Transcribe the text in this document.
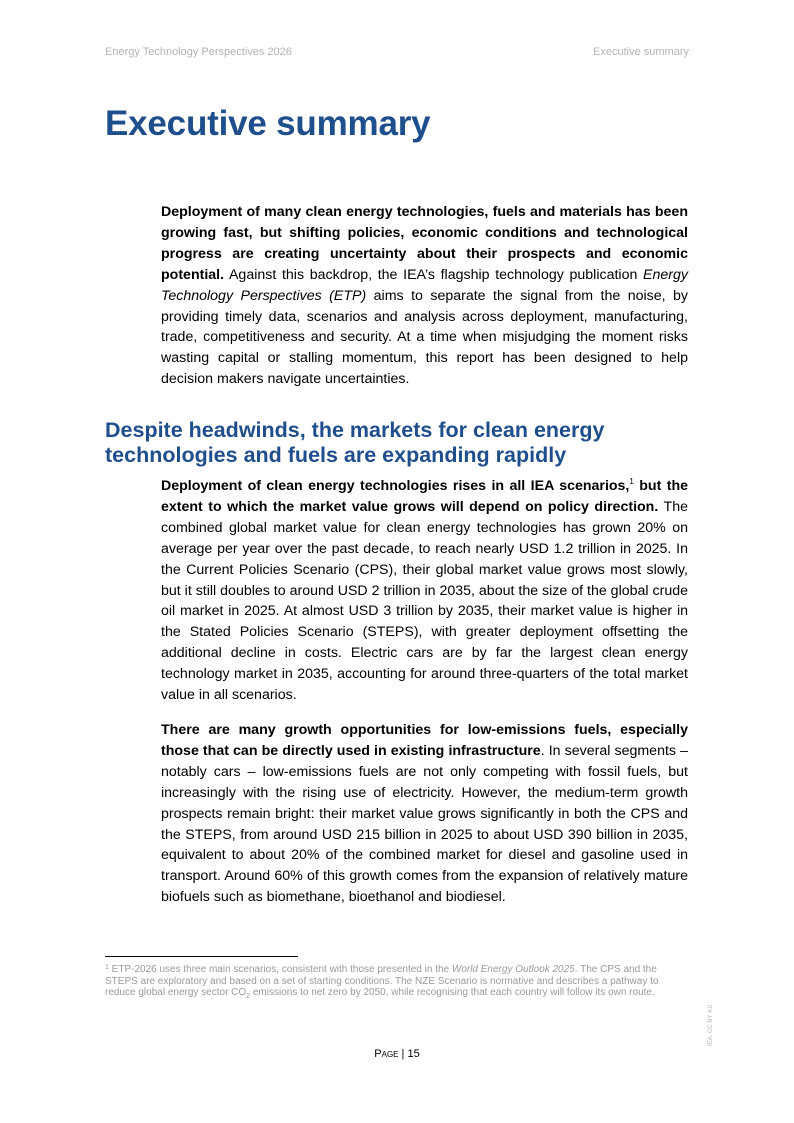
Energy Technology Perspectives 2026	Executive summary
Executive summary

Deployment of many clean energy technologies, fuels and materials has been growing fast, but shifting policies, economic conditions and technological progress are creating uncertainty about their prospects and economic potential. Against this backdrop, the IEA’s flagship technology publication Energy Technology Perspectives (ETP) aims to separate the signal from the noise, by providing timely data, scenarios and analysis across deployment, manufacturing, trade, competitiveness and security. At a time when misjudging the moment risks wasting capital or stalling momentum, this report has been designed to help decision makers navigate uncertainties.

Despite headwinds, the markets for clean energy technologies and fuels are expanding rapidly

Deployment of clean energy technologies rises in all IEA scenarios,$^1$ but the extent to which the market value grows will depend on policy direction. The combined global market value for clean energy technologies has grown 20% on average per year over the past decade, to reach nearly USD 1.2 trillion in 2025. In the Current Policies Scenario (CPS), their global market value grows most slowly, but it still doubles to around USD 2 trillion in 2035, about the size of the global crude oil market in 2025. At almost USD 3 trillion by 2035, their market value is higher in the Stated Policies Scenario (STEPS), with greater deployment offsetting the additional decline in costs. Electric cars are by far the largest clean energy technology market in 2035, accounting for around three-quarters of the total market value in all scenarios.

There are many growth opportunities for low-emissions fuels, especially those that can be directly used in existing infrastructure. In several segments – notably cars – low-emissions fuels are not only competing with fossil fuels, but increasingly with the rising use of electricity. However, the medium-term growth prospects remain bright: their market value grows significantly in both the CPS and the STEPS, from around USD 215 billion in 2025 to about USD 390 billion in 2035, equivalent to about 20% of the combined market for diesel and gasoline used in transport. Around 60% of this growth comes from the expansion of relatively mature biofuels such as biomethane, bioethanol and biodiesel.

$^1$ ETP-2026 uses three main scenarios, consistent with those presented in the World Energy Outlook 2025. The CPS and the STEPS are exploratory and based on a set of starting conditions. The NZE Scenario is normative and describes a pathway to reduce global energy sector $CO_2$ emissions to net zero by 2050, while recognising that each country will follow its own route.

Page | 15
IEA. CC BY 4.0.
